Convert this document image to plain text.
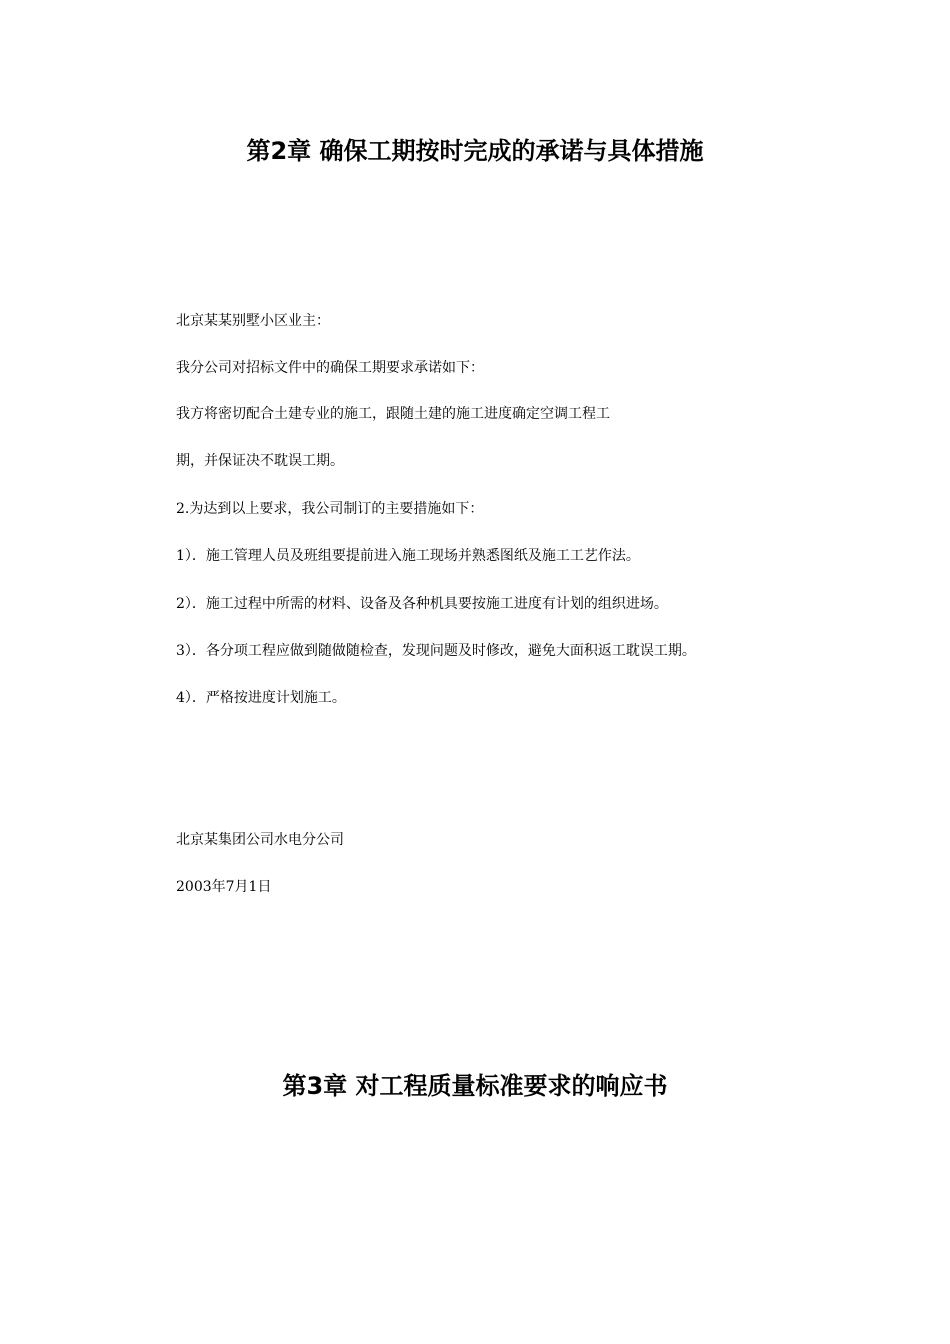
第2章 确保工期按时完成的承诺与具体措施

北京某某别墅小区业主：

我分公司对招标文件中的确保工期要求承诺如下：

我方将密切配合土建专业的施工，跟随土建的施工进度确定空调工程工

期，并保证决不耽误工期。

2.为达到以上要求，我公司制订的主要措施如下：

1）．施工管理人员及班组要提前进入施工现场并熟悉图纸及施工工艺作法。

2）．施工过程中所需的材料、设备及各种机具要按施工进度有计划的组织进场。

3）．各分项工程应做到随做随检查，发现问题及时修改，避免大面积返工耽误工期。

4）．严格按进度计划施工。

北京某集团公司水电分公司

2003年7月1日

第3章 对工程质量标准要求的响应书
